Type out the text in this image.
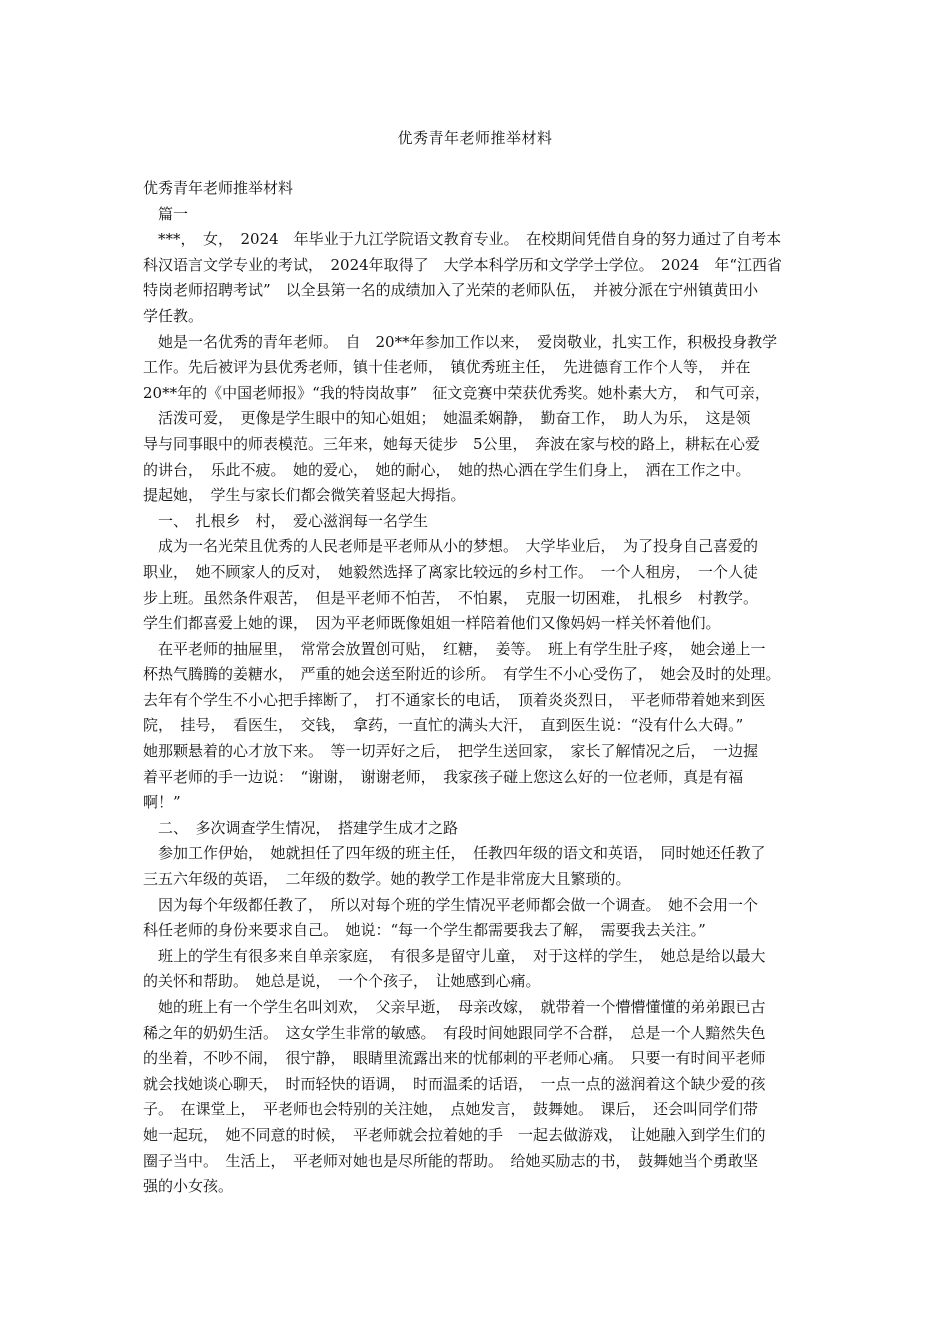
优秀青年老师推举材料
优秀青年老师推举材料
　篇一
　***，　女，　2024　年毕业于九江学院语文教育专业。　在校期间凭借自身的努力通过了自考本
科汉语言文学专业的考试，　2024年取得了　大学本科学历和文学学士学位。　2024　年“江西省
特岗老师招聘考试”　以全县第一名的成绩加入了光荣的老师队伍，　并被分派在宁州镇黄田小
学任教。
　她是一名优秀的青年老师。　自　20**年参加工作以来，　爱岗敬业，扎实工作，积极投身教学
工作。先后被评为县优秀老师，镇十佳老师，　镇优秀班主任，　先进德育工作个人等，　并在
20**年的《中国老师报》“我的特岗故事”　征文竞赛中荣获优秀奖。她朴素大方，　和气可亲，
　活泼可爱，　更像是学生眼中的知心姐姐；　她温柔娴静，　勤奋工作，　助人为乐，　这是领
导与同事眼中的师表模范。三年来，她每天徒步　5公里，　奔波在家与校的路上，耕耘在心爱
的讲台，　乐此不疲。　她的爱心，　她的耐心，　她的热心洒在学生们身上，　洒在工作之中。
提起她，　学生与家长们都会微笑着竖起大拇指。
　一、　扎根乡　村，　爱心滋润每一名学生
　成为一名光荣且优秀的人民老师是平老师从小的梦想。　大学毕业后，　为了投身自己喜爱的
职业，　她不顾家人的反对，　她毅然选择了离家比较远的乡村工作。　一个人租房，　一个人徒
步上班。虽然条件艰苦，　但是平老师不怕苦，　不怕累，　克服一切困难，　扎根乡　村教学。
学生们都喜爱上她的课，　因为平老师既像姐姐一样陪着他们又像妈妈一样关怀着他们。
　在平老师的抽屉里，　常常会放置创可贴，　红糖，　姜等。　班上有学生肚子疼，　她会递上一
杯热气腾腾的姜糖水，　严重的她会送至附近的诊所。　有学生不小心受伤了，　她会及时的处理。
去年有个学生不小心把手摔断了，　打不通家长的电话，　顶着炎炎烈日，　平老师带着她来到医
院，　挂号，　看医生，　交钱，　拿药，一直忙的满头大汗，　直到医生说：“没有什么大碍。”
她那颗悬着的心才放下来。　等一切弄好之后，　把学生送回家，　家长了解情况之后，　一边握
着平老师的手一边说：　“谢谢，　谢谢老师，　我家孩子碰上您这么好的一位老师，真是有福
啊！”
　二、　多次调查学生情况，　搭建学生成才之路
　参加工作伊始，　她就担任了四年级的班主任，　任教四年级的语文和英语，　同时她还任教了
三五六年级的英语，　二年级的数学。她的教学工作是非常庞大且繁琐的。
　因为每个年级都任教了，　所以对每个班的学生情况平老师都会做一个调查。　她不会用一个
科任老师的身份来要求自己。　她说：“每一个学生都需要我去了解，　需要我去关注。”
　班上的学生有很多来自单亲家庭，　有很多是留守儿童，　对于这样的学生，　她总是给以最大
的关怀和帮助。　她总是说，　一个个孩子，　让她感到心痛。
　她的班上有一个学生名叫刘欢，　父亲早逝，　母亲改嫁，　就带着一个懵懵懂懂的弟弟跟已古
稀之年的奶奶生活。　这女学生非常的敏感。　有段时间她跟同学不合群，　总是一个人黯然失色
的坐着，不吵不闹，　很宁静，　眼睛里流露出来的忧郁刺的平老师心痛。　只要一有时间平老师
就会找她谈心聊天，　时而轻快的语调，　时而温柔的话语，　一点一点的滋润着这个缺少爱的孩
子。　在课堂上，　平老师也会特别的关注她，　点她发言，　鼓舞她。　课后，　还会叫同学们带
她一起玩，　她不同意的时候，　平老师就会拉着她的手　一起去做游戏，　让她融入到学生们的
圈子当中。　生活上，　平老师对她也是尽所能的帮助。　给她买励志的书，　鼓舞她当个勇敢坚
强的小女孩。
